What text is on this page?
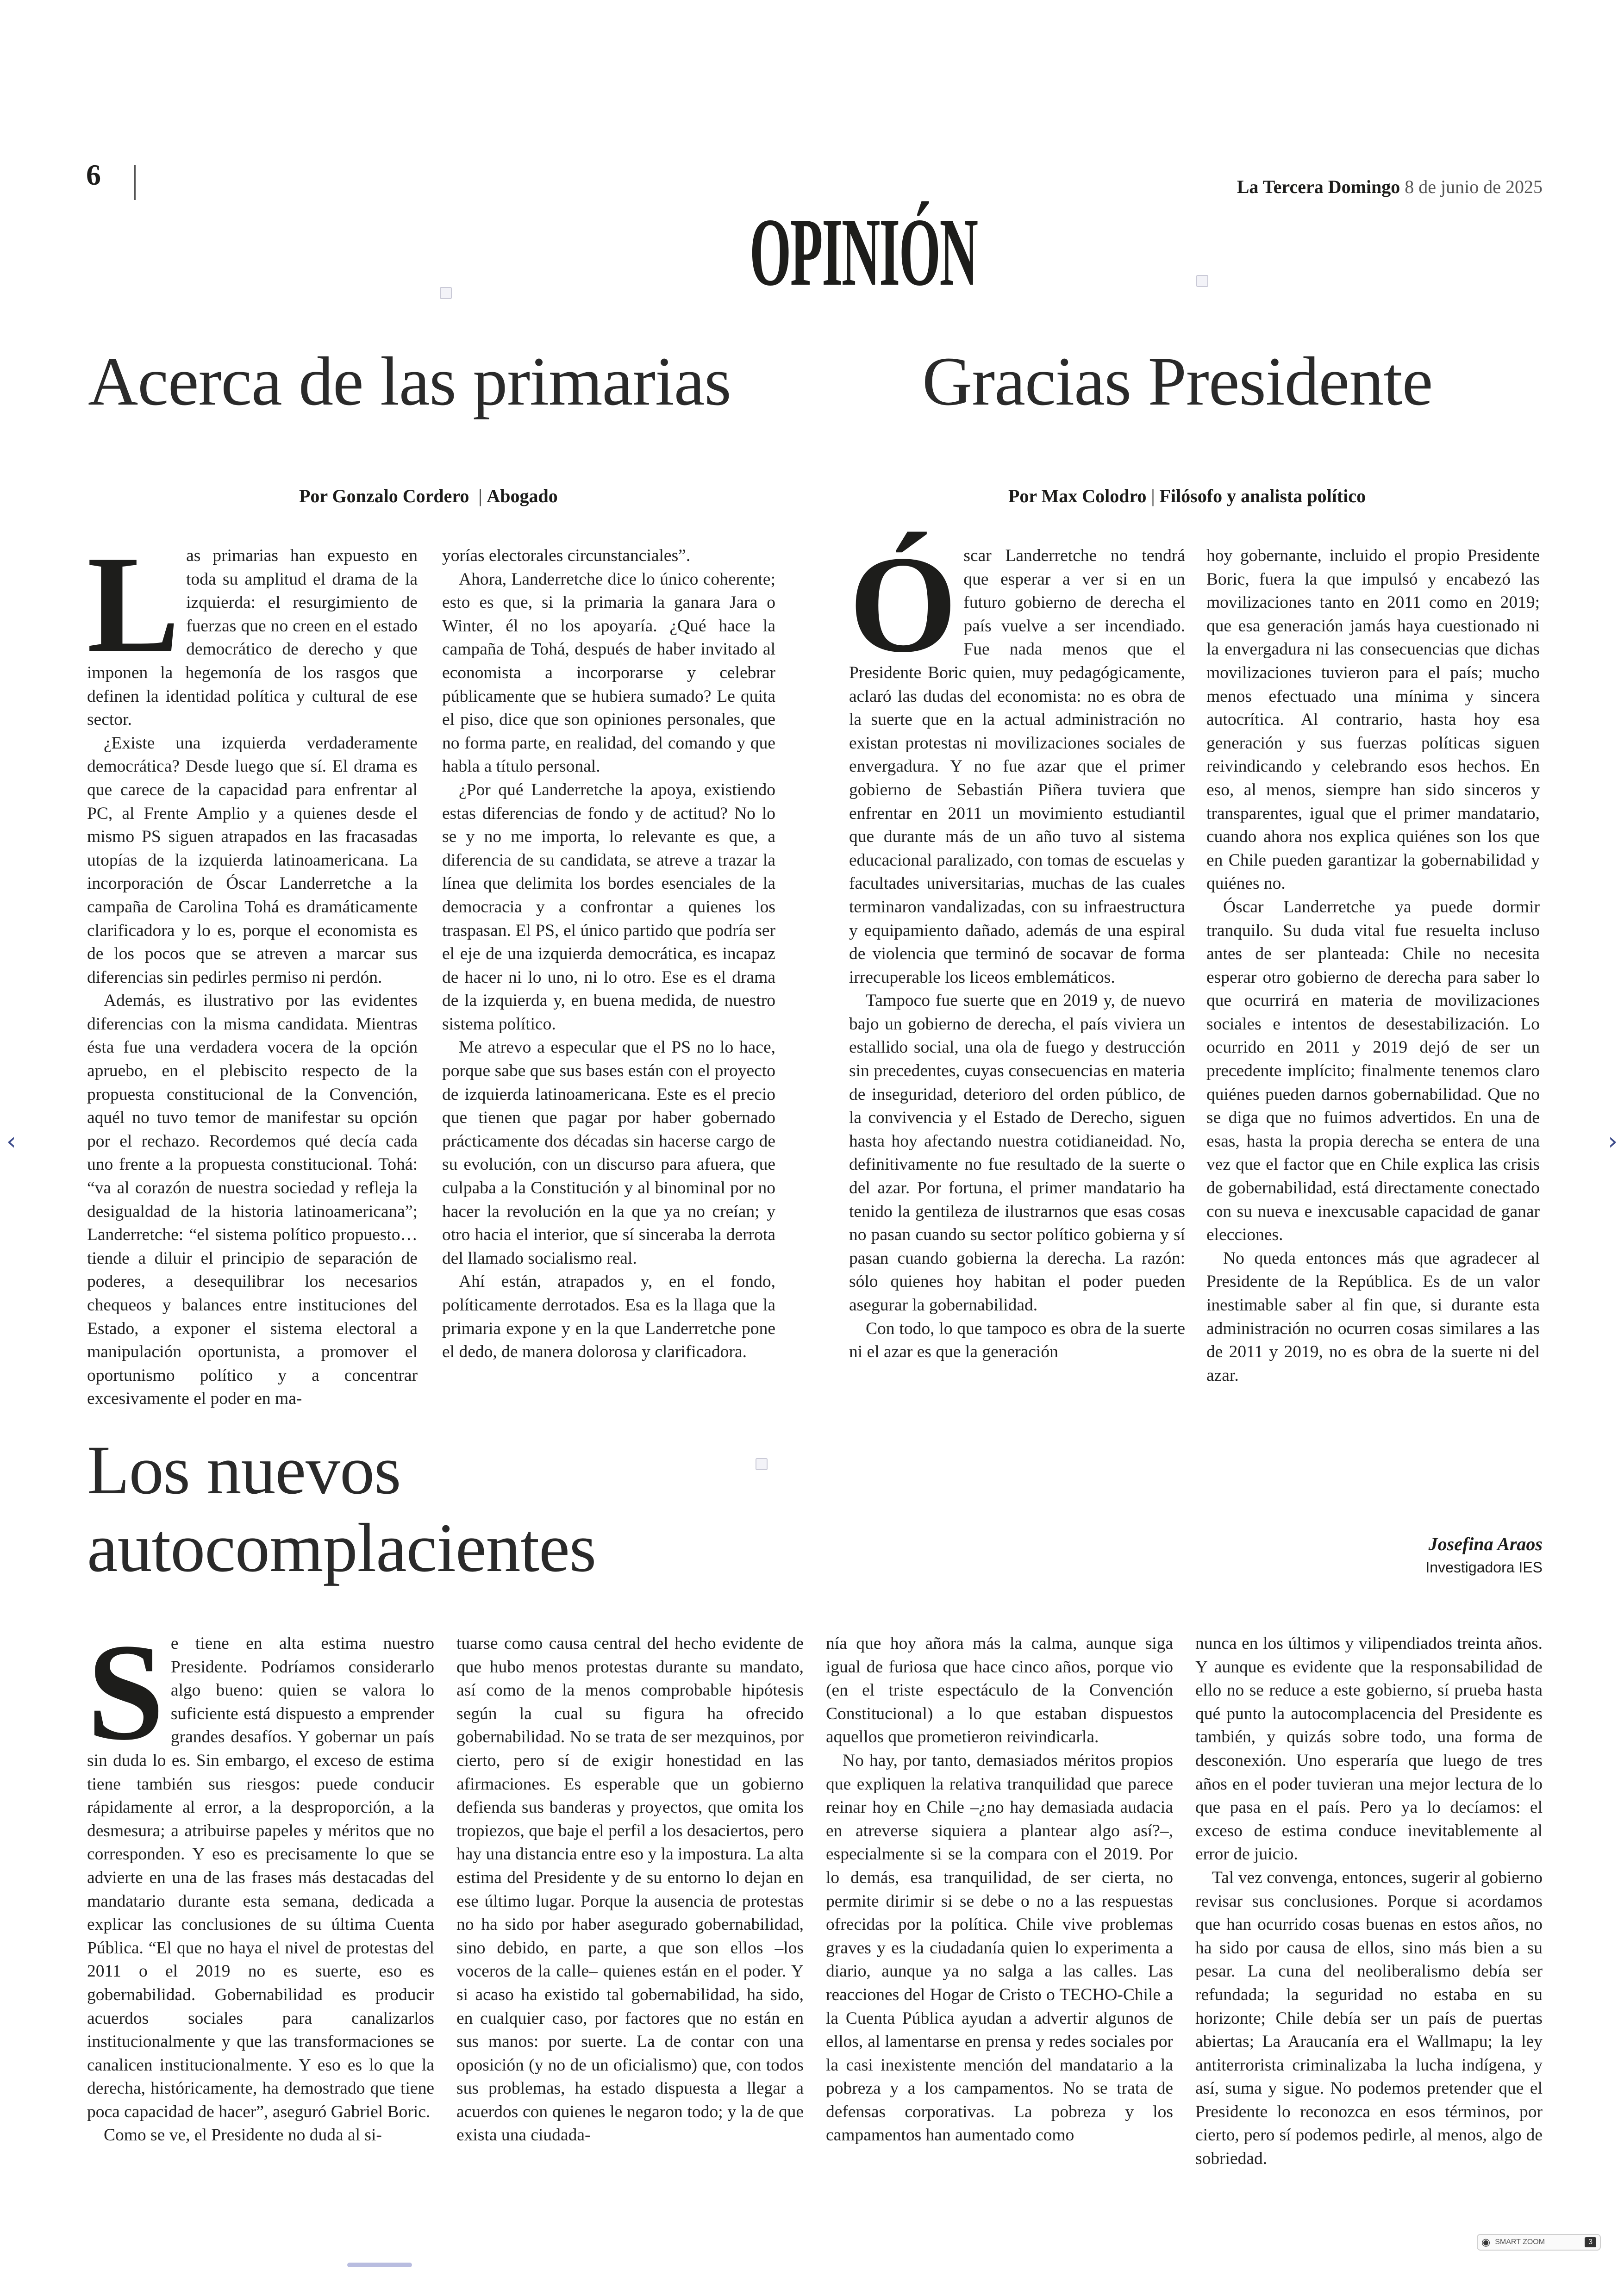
6	La Tercera Domingo 8 de junio de 2025
OPINIÓN
Acerca de las primarias
Por Gonzalo Cordero  | Abogado

Las primarias han expuesto en toda su amplitud el drama de la izquierda: el resurgimiento de fuerzas que no creen en el estado democrático de derecho y que imponen la hegemonía de los rasgos que definen la identidad política y cultural de ese sector.

¿Existe una izquierda verdaderamente democrática? Desde luego que sí. El drama es que carece de la capacidad para enfrentar al PC, al Frente Amplio y a quienes desde el mismo PS siguen atrapados en las fracasadas utopías de la izquierda latinoamericana. La incorporación de Óscar Landerretche a la campaña de Carolina Tohá es dramáticamente clarificadora y lo es, porque el economista es de los pocos que se atreven a marcar sus diferencias sin pedirles permiso ni perdón.

Además, es ilustrativo por las evidentes diferencias con la misma candidata. Mientras ésta fue una verdadera vocera de la opción apruebo, en el plebiscito respecto de la propuesta constitucional de la Convención, aquél no tuvo temor de manifestar su opción por el rechazo. Recordemos qué decía cada uno frente a la propuesta constitucional. Tohá: “va al corazón de nuestra sociedad y refleja la desigualdad de la historia latinoamericana”; Landerretche: “el sistema político propuesto… tiende a diluir el principio de separación de poderes, a desequilibrar los necesarios chequeos y balances entre instituciones del Estado, a exponer el sistema electoral a manipulación oportunista, a promover el oportunismo político y a concentrar excesivamente el poder en ma-

yorías electorales circunstanciales”.

Ahora, Landerretche dice lo único coherente; esto es que, si la primaria la ganara Jara o Winter, él no los apoyaría. ¿Qué hace la campaña de Tohá, después de haber invitado al economista a incorporarse y celebrar públicamente que se hubiera sumado? Le quita el piso, dice que son opiniones personales, que no forma parte, en realidad, del comando y que habla a título personal.

¿Por qué Landerretche la apoya, existiendo estas diferencias de fondo y de actitud? No lo se y no me importa, lo relevante es que, a diferencia de su candidata, se atreve a trazar la línea que delimita los bordes esenciales de la democracia y a confrontar a quienes los traspasan. El PS, el único partido que podría ser el eje de una izquierda democrática, es incapaz de hacer ni lo uno, ni lo otro. Ese es el drama de la izquierda y, en buena medida, de nuestro sistema político.

Me atrevo a especular que el PS no lo hace, porque sabe que sus bases están con el proyecto de izquierda latinoamericana. Este es el precio que tienen que pagar por haber gobernado prácticamente dos décadas sin hacerse cargo de su evolución, con un discurso para afuera, que culpaba a la Constitución y al binominal por no hacer la revolución en la que ya no creían; y otro hacia el interior, que sí sinceraba la derrota del llamado socialismo real.

Ahí están, atrapados y, en el fondo, políticamente derrotados. Esa es la llaga que la primaria expone y en la que Landerretche pone el dedo, de manera dolorosa y clarificadora.

Gracias Presidente
Por Max Colodro | Filósofo y analista político

Óscar Landerretche no tendrá que esperar a ver si en un futuro gobierno de derecha el país vuelve a ser incendiado. Fue nada menos que el Presidente Boric quien, muy pedagógicamente, aclaró las dudas del economista: no es obra de la suerte que en la actual administración no existan protestas ni movilizaciones sociales de envergadura. Y no fue azar que el primer gobierno de Sebastián Piñera tuviera que enfrentar en 2011 un movimiento estudiantil que durante más de un año tuvo al sistema educacional paralizado, con tomas de escuelas y facultades universitarias, muchas de las cuales terminaron vandalizadas, con su infraestructura y equipamiento dañado, además de una espiral de violencia que terminó de socavar de forma irrecuperable los liceos emblemáticos.

Tampoco fue suerte que en 2019 y, de nuevo bajo un gobierno de derecha, el país viviera un estallido social, una ola de fuego y destrucción sin precedentes, cuyas consecuencias en materia de inseguridad, deterioro del orden público, de la convivencia y el Estado de Derecho, siguen hasta hoy afectando nuestra cotidianeidad. No, definitivamente no fue resultado de la suerte o del azar. Por fortuna, el primer mandatario ha tenido la gentileza de ilustrarnos que esas cosas no pasan cuando su sector político gobierna y sí pasan cuando gobierna la derecha. La razón: sólo quienes hoy habitan el poder pueden asegurar la gobernabilidad.

Con todo, lo que tampoco es obra de la suerte ni el azar es que la generación

hoy gobernante, incluido el propio Presidente Boric, fuera la que impulsó y encabezó las movilizaciones tanto en 2011 como en 2019; que esa generación jamás haya cuestionado ni la envergadura ni las consecuencias que dichas movilizaciones tuvieron para el país; mucho menos efectuado una mínima y sincera autocrítica. Al contrario, hasta hoy esa generación y sus fuerzas políticas siguen reivindicando y celebrando esos hechos. En eso, al menos, siempre han sido sinceros y transparentes, igual que el primer mandatario, cuando ahora nos explica quiénes son los que en Chile pueden garantizar la gobernabilidad y quiénes no.

Óscar Landerretche ya puede dormir tranquilo. Su duda vital fue resuelta incluso antes de ser planteada: Chile no necesita esperar otro gobierno de derecha para saber lo que ocurrirá en materia de movilizaciones sociales e intentos de desestabilización. Lo ocurrido en 2011 y 2019 dejó de ser un precedente implícito; finalmente tenemos claro quiénes pueden darnos gobernabilidad. Que no se diga que no fuimos advertidos. En una de esas, hasta la propia derecha se entera de una vez que el factor que en Chile explica las crisis de gobernabilidad, está directamente conectado con su nueva e inexcusable capacidad de ganar elecciones.

No queda entonces más que agradecer al Presidente de la República. Es de un valor inestimable saber al fin que, si durante esta administración no ocurren cosas similares a las de 2011 y 2019, no es obra de la suerte ni del azar.

Los nuevos
autocomplacientes	Josefina Araos
Investigadora IES

Se tiene en alta estima nuestro Presidente. Podríamos considerarlo algo bueno: quien se valora lo suficiente está dispuesto a emprender grandes desafíos. Y gobernar un país sin duda lo es. Sin embargo, el exceso de estima tiene también sus riesgos: puede conducir rápidamente al error, a la desproporción, a la desmesura; a atribuirse papeles y méritos que no corresponden. Y eso es precisamente lo que se advierte en una de las frases más destacadas del mandatario durante esta semana, dedicada a explicar las conclusiones de su última Cuenta Pública. “El que no haya el nivel de protestas del 2011 o el 2019 no es suerte, eso es gobernabilidad. Gobernabilidad es producir acuerdos sociales para canalizarlos institucionalmente y que las transformaciones se canalicen institucionalmente. Y eso es lo que la derecha, históricamente, ha demostrado que tiene poca capacidad de hacer”, aseguró Gabriel Boric.

Como se ve, el Presidente no duda al si-

tuarse como causa central del hecho evidente de que hubo menos protestas durante su mandato, así como de la menos comprobable hipótesis según la cual su figura ha ofrecido gobernabilidad. No se trata de ser mezquinos, por cierto, pero sí de exigir honestidad en las afirmaciones. Es esperable que un gobierno defienda sus banderas y proyectos, que omita los tropiezos, que baje el perfil a los desaciertos, pero hay una distancia entre eso y la impostura. La alta estima del Presidente y de su entorno lo dejan en ese último lugar. Porque la ausencia de protestas no ha sido por haber asegurado gobernabilidad, sino debido, en parte, a que son ellos –los voceros de la calle– quienes están en el poder. Y si acaso ha existido tal gobernabilidad, ha sido, en cualquier caso, por factores que no están en sus manos: por suerte. La de contar con una oposición (y no de un oficialismo) que, con todos sus problemas, ha estado dispuesta a llegar a acuerdos con quienes le negaron todo; y la de que exista una ciudada-

nía que hoy añora más la calma, aunque siga igual de furiosa que hace cinco años, porque vio (en el triste espectáculo de la Convención Constitucional) a lo que estaban dispuestos aquellos que prometieron reivindicarla.

No hay, por tanto, demasiados méritos propios que expliquen la relativa tranquilidad que parece reinar hoy en Chile –¿no hay demasiada audacia en atreverse siquiera a plantear algo así?–, especialmente si se la compara con el 2019. Por lo demás, esa tranquilidad, de ser cierta, no permite dirimir si se debe o no a las respuestas ofrecidas por la política. Chile vive problemas graves y es la ciudadanía quien lo experimenta a diario, aunque ya no salga a las calles. Las reacciones del Hogar de Cristo o TECHO-Chile a la Cuenta Pública ayudan a advertir algunos de ellos, al lamentarse en prensa y redes sociales por la casi inexistente mención del mandatario a la pobreza y a los campamentos. No se trata de defensas corporativas. La pobreza y los campamentos han aumentado como

nunca en los últimos y vilipendiados treinta años. Y aunque es evidente que la responsabilidad de ello no se reduce a este gobierno, sí prueba hasta qué punto la autocomplacencia del Presidente es también, y quizás sobre todo, una forma de desconexión. Uno esperaría que luego de tres años en el poder tuvieran una mejor lectura de lo que pasa en el país. Pero ya lo decíamos: el exceso de estima conduce inevitablemente al error de juicio.

Tal vez convenga, entonces, sugerir al gobierno revisar sus conclusiones. Porque si acordamos que han ocurrido cosas buenas en estos años, no ha sido por causa de ellos, sino más bien a su pesar. La cuna del neoliberalismo debía ser refundada; la seguridad no estaba en su horizonte; Chile debía ser un país de puertas abiertas; La Araucanía era el Wallmapu; la ley antiterrorista criminalizaba la lucha indígena, y así, suma y sigue. No podemos pretender que el Presidente lo reconozca en esos términos, por cierto, pero sí podemos pedirle, al menos, algo de sobriedad.

‹	›
◉ SMART ZOOM	3
